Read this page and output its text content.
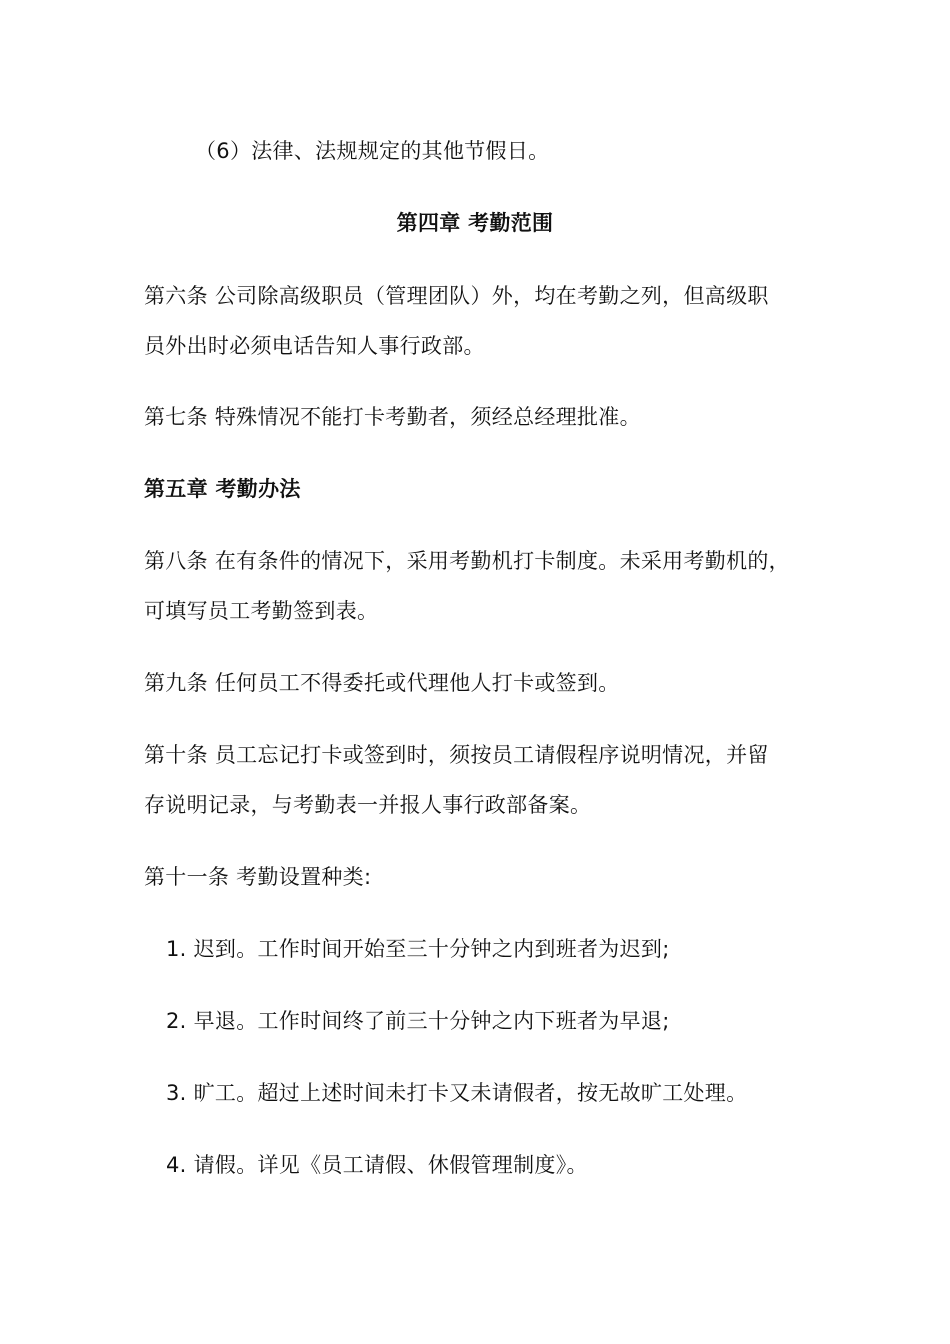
（6）法律、法规规定的其他节假日。
第四章 考勤范围
第六条 公司除高级职员（管理团队）外，均在考勤之列，但高级职
员外出时必须电话告知人事行政部。
第七条 特殊情况不能打卡考勤者，须经总经理批准。
第五章 考勤办法
第八条 在有条件的情况下，采用考勤机打卡制度。未采用考勤机的，
可填写员工考勤签到表。
第九条 任何员工不得委托或代理他人打卡或签到。
第十条 员工忘记打卡或签到时，须按员工请假程序说明情况，并留
存说明记录，与考勤表一并报人事行政部备案。
第十一条 考勤设置种类:
1. 迟到。工作时间开始至三十分钟之内到班者为迟到;
2. 早退。工作时间终了前三十分钟之内下班者为早退;
3. 旷工。超过上述时间未打卡又未请假者，按无故旷工处理。
4. 请假。详见《员工请假、休假管理制度》。
